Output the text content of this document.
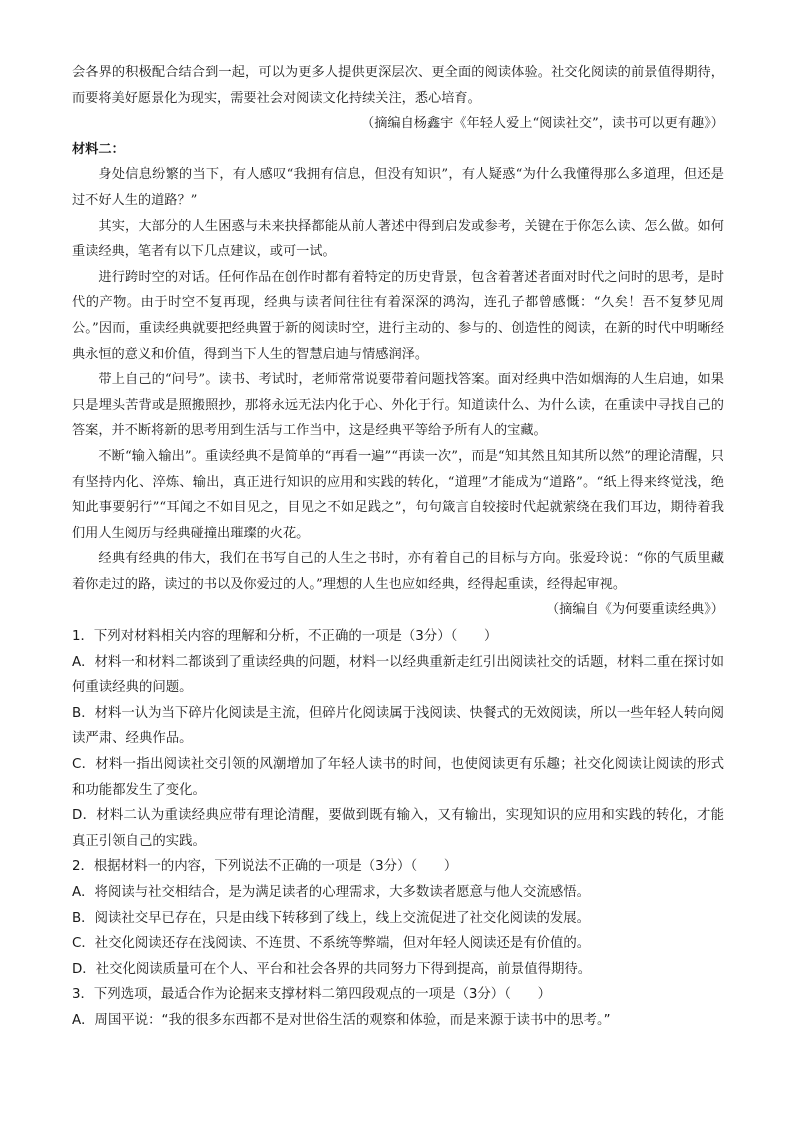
会各界的积极配合结合到一起，可以为更多人提供更深层次、更全面的阅读体验。社交化阅读的前景值得期待，而要将美好愿景化为现实，需要社会对阅读文化持续关注，悉心培育。

（摘编自杨鑫宇《年轻人爱上“阅读社交”，读书可以更有趣》）

材料二：

身处信息纷繁的当下，有人感叹“我拥有信息，但没有知识”，有人疑惑“为什么我懂得那么多道理，但还是过不好人生的道路？”

其实，大部分的人生困惑与未来抉择都能从前人著述中得到启发或参考，关键在于你怎么读、怎么做。如何重读经典，笔者有以下几点建议，或可一试。

进行跨时空的对话。任何作品在创作时都有着特定的历史背景，包含着著述者面对时代之问时的思考，是时代的产物。由于时空不复再现，经典与读者间往往有着深深的鸿沟，连孔子都曾感慨：“久矣！吾不复梦见周公。”因而，重读经典就要把经典置于新的阅读时空，进行主动的、参与的、创造性的阅读，在新的时代中明晰经典永恒的意义和价值，得到当下人生的智慧启迪与情感润泽。

带上自己的“问号”。读书、考试时，老师常常说要带着问题找答案。面对经典中浩如烟海的人生启迪，如果只是埋头苦背或是照搬照抄，那将永远无法内化于心、外化于行。知道读什么、为什么读，在重读中寻找自己的答案，并不断将新的思考用到生活与工作当中，这是经典平等给予所有人的宝藏。

不断“输入输出”。重读经典不是简单的“再看一遍”“再读一次”，而是“知其然且知其所以然”的理论清醒，只有坚持内化、淬炼、输出，真正进行知识的应用和实践的转化，“道理”才能成为“道路”。“纸上得来终觉浅，绝知此事要躬行”“耳闻之不如目见之，目见之不如足践之”，句句箴言自较接时代起就萦绕在我们耳边，期待着我们用人生阅历与经典碰撞出璀璨的火花。

经典有经典的伟大，我们在书写自己的人生之书时，亦有着自己的目标与方向。张爱玲说：“你的气质里藏着你走过的路，读过的书以及你爱过的人。”理想的人生也应如经典，经得起重读，经得起审视。

（摘编自《为何要重读经典》）

1．下列对材料相关内容的理解和分析，不正确的一项是（3分）（　　）

A．材料一和材料二都谈到了重读经典的问题，材料一以经典重新走红引出阅读社交的话题，材料二重在探讨如何重读经典的问题。

B．材料一认为当下碎片化阅读是主流，但碎片化阅读属于浅阅读、快餐式的无效阅读，所以一些年轻人转向阅读严肃、经典作品。

C．材料一指出阅读社交引领的风潮增加了年轻人读书的时间，也使阅读更有乐趣；社交化阅读让阅读的形式和功能都发生了变化。

D．材料二认为重读经典应带有理论清醒，要做到既有输入，又有输出，实现知识的应用和实践的转化，才能真正引领自己的实践。

2．根据材料一的内容，下列说法不正确的一项是（3分）（　　）

A．将阅读与社交相结合，是为满足读者的心理需求，大多数读者愿意与他人交流感悟。

B．阅读社交早已存在，只是由线下转移到了线上，线上交流促进了社交化阅读的发展。

C．社交化阅读还存在浅阅读、不连贯、不系统等弊端，但对年轻人阅读还是有价值的。

D．社交化阅读质量可在个人、平台和社会各界的共同努力下得到提高，前景值得期待。

3．下列选项，最适合作为论据来支撑材料二第四段观点的一项是（3分）（　　）

A．周国平说：“我的很多东西都不是对世俗生活的观察和体验，而是来源于读书中的思考。”
